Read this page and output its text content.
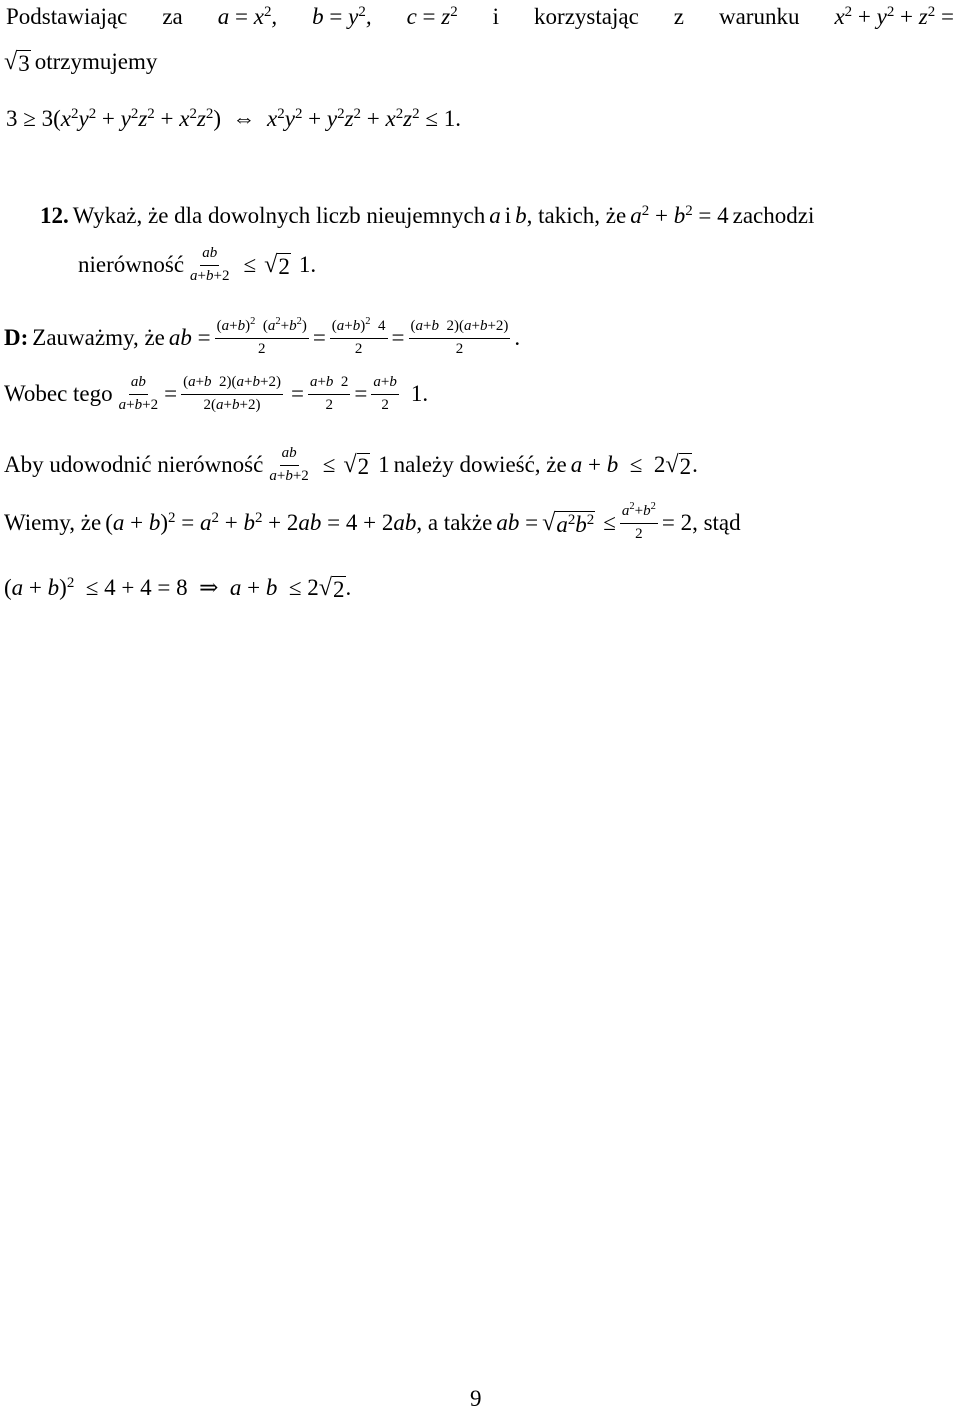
Podstawiając za $a = x^2$, $b = y^2$, $c = z^2$ i korzystając z warunku $x^2 + y^2 + z^2$ =
√ 3 otrzymujemy
$3 \ge 3(x^2y^2 + y^2z^2 + x^2z^2)$ ⇔  $x^2y^2 + y^2z^2 + x^2z^2 \le 1$.
12. Wykaż, że dla dowolnych liczb nieujemnych a i b , takich, że $a^2 + b^2 = 4$ zachodzi
nierówność $\frac{ab}{a+b+2}$ ≤ √ 2 1.
D: Zauważmy, że ab = $\frac{(a+b)^2 (a^2+b^2)}{2} = \frac{(a+b)^2 4}{2} = \frac{(a+b 2)(a+b+2)}{2}$ .
Wobec tego $\frac{ab}{a+b+2} = \frac{(a+b 2)(a+b+2)}{2(a+b+2)} = \frac{a+b 2}{2} = \frac{a+b}{2} 1$.
Aby udowodnić nierówność $\frac{ab}{a+b+2}$ ≤ √ 2 1 należy dowieść, że a + b  ≤ 2 √ 2 .
Wiemy, że $(a + b)^2 = a^2 + b^2 + 2ab = 4 + 2ab$ , a także ab = √ $a^2b^2 \le \frac{a^2+b^2}{2} = 2$ , stąd
$(a + b)^2 \le 4 + 4 = 8$ ⇒  a + b  ≤ 2 √ 2 .
9
